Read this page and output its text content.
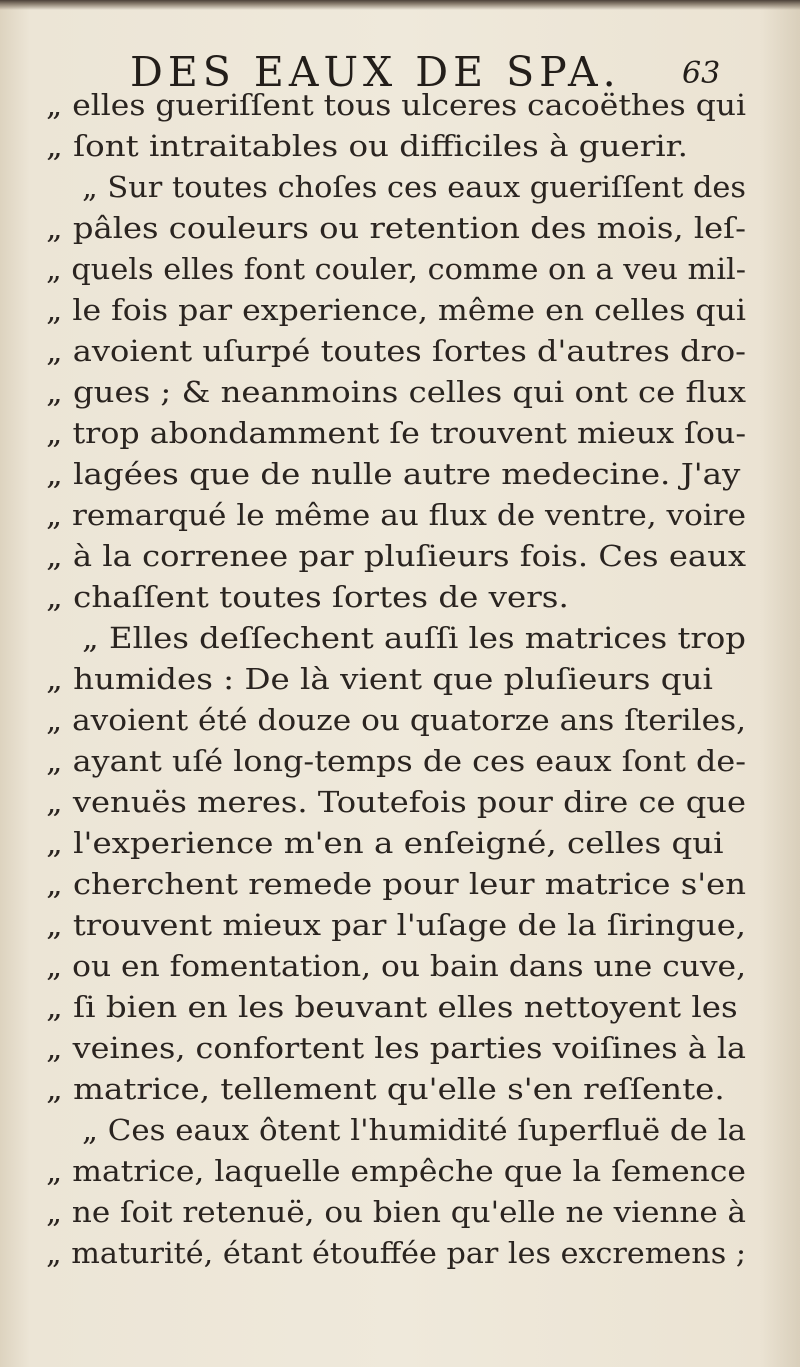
DES EAUX DE SPA. 63
„ elles gueriſſent tous ulceres cacoëthes qui
„ ſont intraitables ou difficiles à guerir.
„ Sur toutes choſes ces eaux gueriſſent des
„ pâles couleurs ou retention des mois, leſ-
„ quels elles font couler, comme on a veu mil-
„ le fois par experience, même en celles qui
„ avoient uſurpé toutes ſortes d'autres dro-
„ gues ; & neanmoins celles qui ont ce flux
„ trop abondamment ſe trouvent mieux ſou-
„ lagées que de nulle autre medecine. J'ay
„ remarqué le même au flux de ventre, voire
„ à la correnee par pluſieurs fois. Ces eaux
„ chaſſent toutes ſortes de vers.
„ Elles deſſechent auſſi les matrices trop
„ humides : De là vient que pluſieurs qui
„ avoient été douze ou quatorze ans ſteriles,
„ ayant uſé long-temps de ces eaux ſont de-
„ venuës meres. Toutefois pour dire ce que
„ l'experience m'en a enſeigné, celles qui
„ cherchent remede pour leur matrice s'en
„ trouvent mieux par l'uſage de la ſiringue,
„ ou en fomentation, ou bain dans une cuve,
„ ſi bien en les beuvant elles nettoyent les
„ veines, confortent les parties voiſines à la
„ matrice, tellement qu'elle s'en reſſente.
„ Ces eaux ôtent l'humidité ſuperfluë de la
„ matrice, laquelle empêche que la ſemence
„ ne ſoit retenuë, ou bien qu'elle ne vienne à
„ maturité, étant étouffée par les excremens ;
